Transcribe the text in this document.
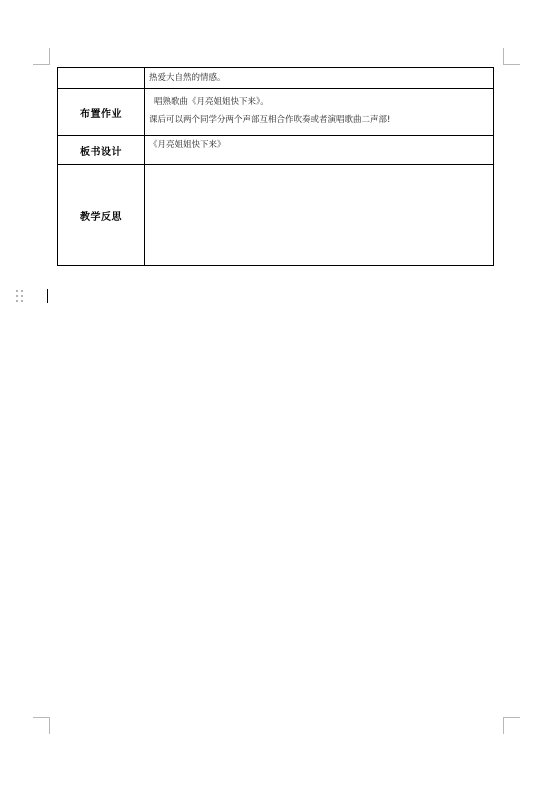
	热爱大自然的情感。

布置作业	唱熟歌曲《月亮姐姐快下来》。
课后可以两个同学分两个声部互相合作吹奏或者演唱歌曲二声部!

板书设计	《月亮姐姐快下来》

教学反思	
